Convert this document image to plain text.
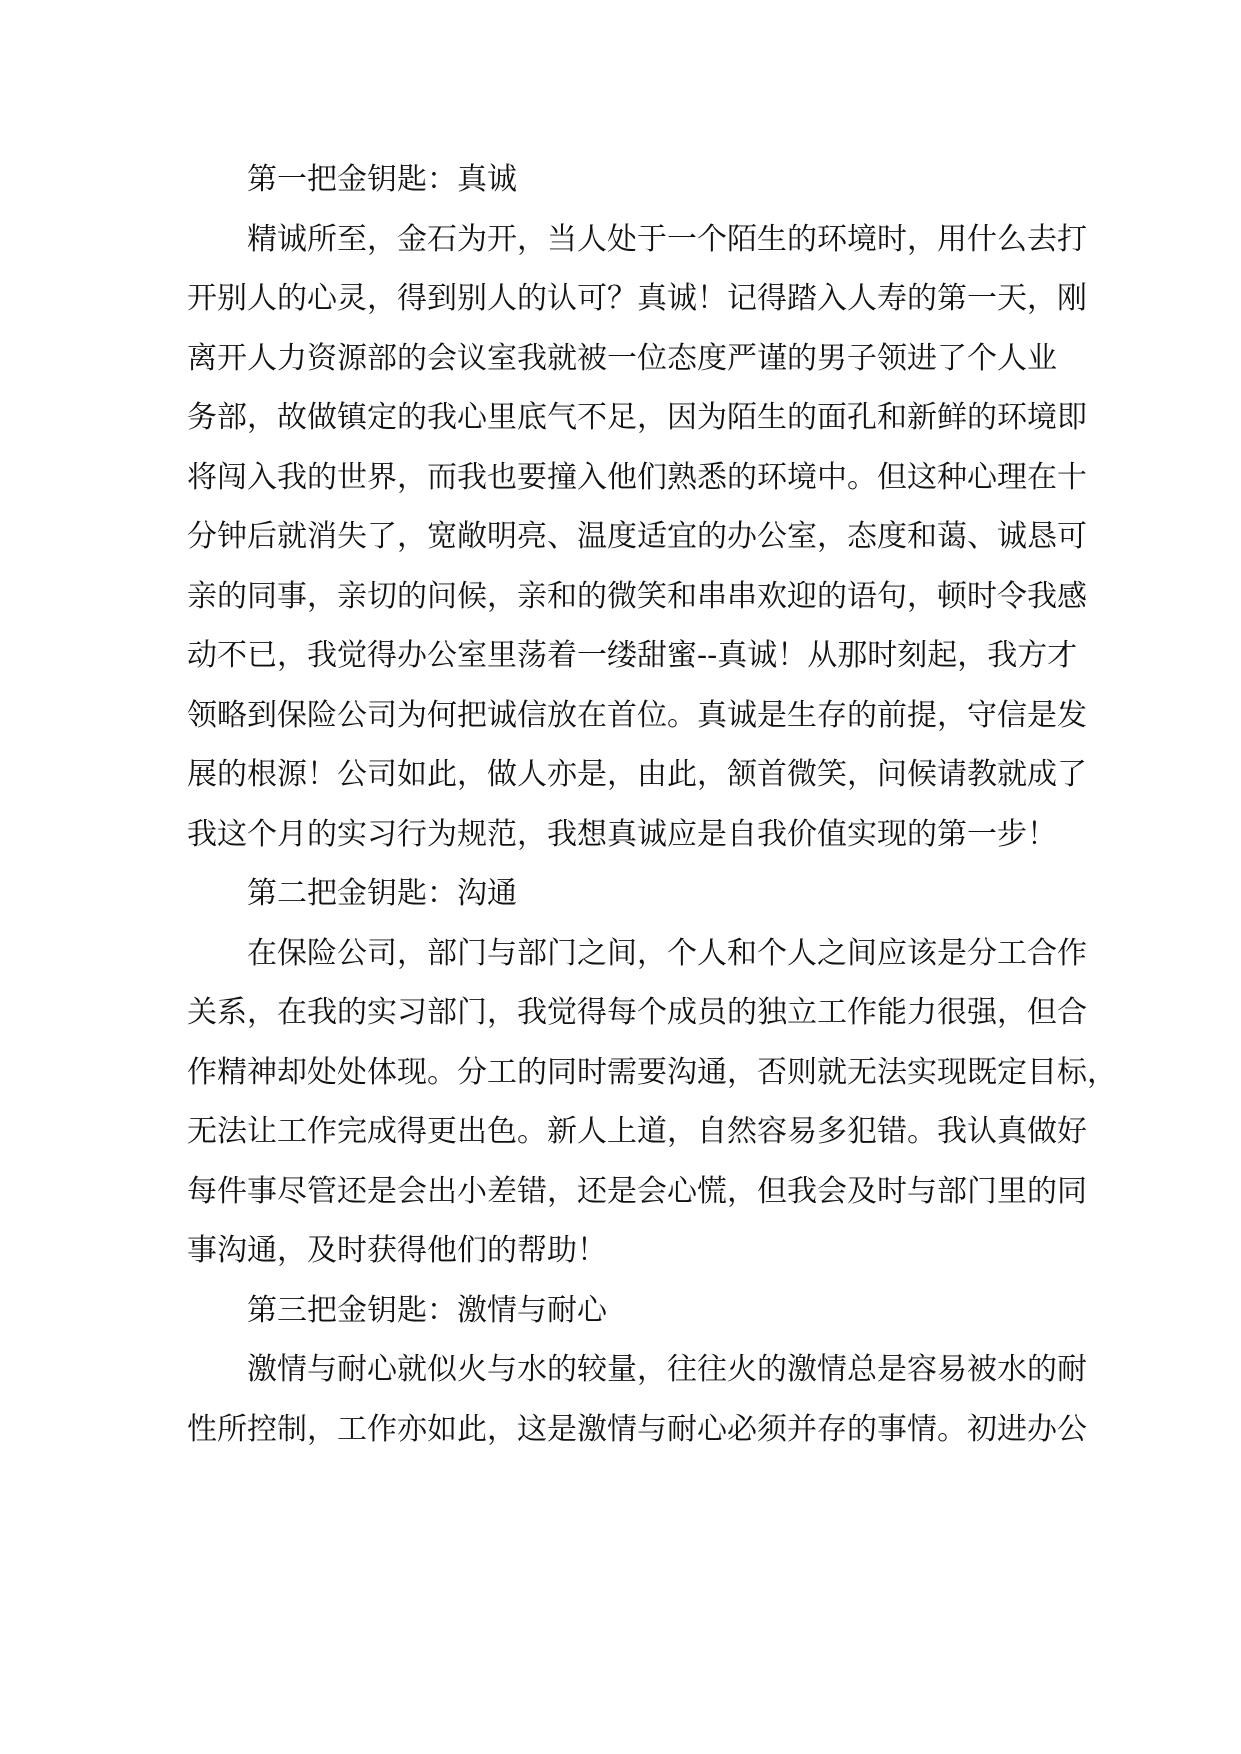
第一把金钥匙：真诚
精诚所至，金石为开，当人处于一个陌生的环境时，用什么去打
开别人的心灵，得到别人的认可？真诚！记得踏入人寿的第一天，刚
离开人力资源部的会议室我就被一位态度严谨的男子领进了个人业
务部，故做镇定的我心里底气不足，因为陌生的面孔和新鲜的环境即
将闯入我的世界，而我也要撞入他们熟悉的环境中。但这种心理在十
分钟后就消失了，宽敞明亮、温度适宜的办公室，态度和蔼、诚恳可
亲的同事，亲切的问候，亲和的微笑和串串欢迎的语句，顿时令我感
动不已，我觉得办公室里荡着一缕甜蜜--真诚！从那时刻起，我方才
领略到保险公司为何把诚信放在首位。真诚是生存的前提，守信是发
展的根源！公司如此，做人亦是，由此，颔首微笑，问候请教就成了
我这个月的实习行为规范，我想真诚应是自我价值实现的第一步！
第二把金钥匙：沟通
在保险公司，部门与部门之间，个人和个人之间应该是分工合作
关系，在我的实习部门，我觉得每个成员的独立工作能力很强，但合
作精神却处处体现。分工的同时需要沟通，否则就无法实现既定目标，
无法让工作完成得更出色。新人上道，自然容易多犯错。我认真做好
每件事尽管还是会出小差错，还是会心慌，但我会及时与部门里的同
事沟通，及时获得他们的帮助！
第三把金钥匙：激情与耐心
激情与耐心就似火与水的较量，往往火的激情总是容易被水的耐
性所控制，工作亦如此，这是激情与耐心必须并存的事情。初进办公
